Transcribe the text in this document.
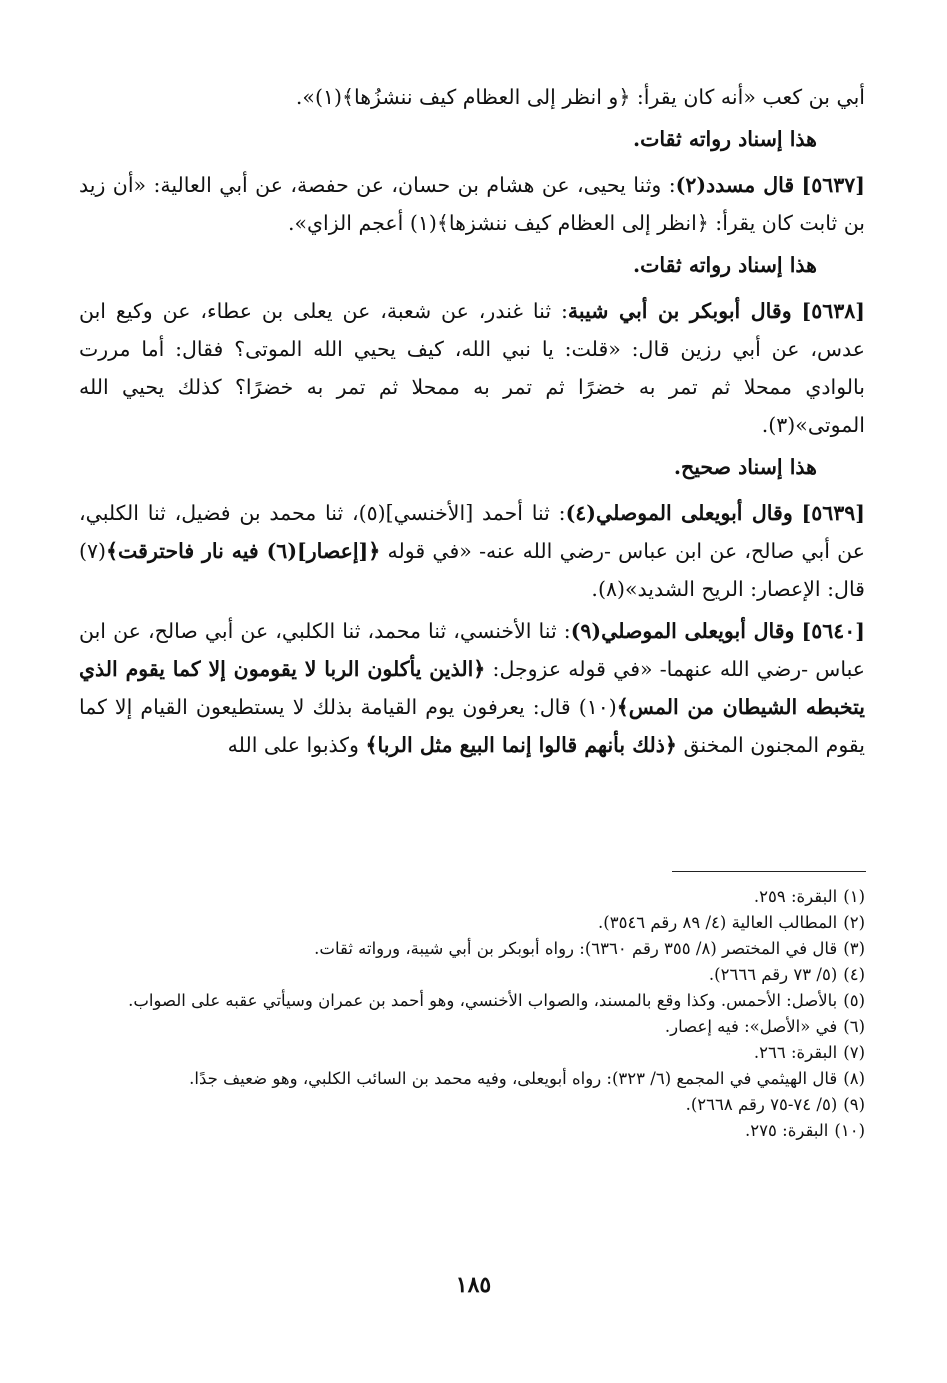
أبي بن كعب «أنه كان يقرأ: ﴿و انظر إلى العظام كيف ننشزُها﴾(١)».

هذا إسناد رواته ثقات.

[٥٦٣٧] قال مسدد(٢): وثنا يحيى، عن هشام بن حسان، عن حفصة، عن أبي العالية: «أن زيد بن ثابت كان يقرأ: ﴿انظر إلى العظام كيف ننشزها﴾(١) أعجم الزاي».

هذا إسناد رواته ثقات.

[٥٦٣٨] وقال أبوبكر بن أبي شيبة: ثنا غندر، عن شعبة، عن يعلى بن عطاء، عن وكيع ابن عدس، عن أبي رزين قال: «قلت: يا نبي الله، كيف يحيي الله الموتى؟ فقال: أما مررت بالوادي ممحلا ثم تمر به خضرًا ثم تمر به ممحلا ثم تمر به خضرًا؟ كذلك يحيي الله الموتى»(٣).

هذا إسناد صحيح.

[٥٦٣٩] وقال أبويعلى الموصلي(٤): ثنا أحمد [الأخنسي](٥)، ثنا محمد بن فضيل، ثنا الكلبي، عن أبي صالح، عن ابن عباس -رضي الله عنه- «في قوله ﴿[إعصار](٦) فيه نار فاحترقت﴾(٧) قال: الإعصار: الريح الشديد»(٨).

[٥٦٤٠] وقال أبويعلى الموصلي(٩): ثنا الأخنسي، ثنا محمد، ثنا الكلبي، عن أبي صالح، عن ابن عباس -رضي الله عنهما- «في قوله عزوجل: ﴿الذين يأكلون الربا لا يقومون إلا كما يقوم الذي يتخبطه الشيطان من المس﴾(١٠) قال: يعرفون يوم القيامة بذلك لا يستطيعون القيام إلا كما يقوم المجنون المخنق ﴿ذلك بأنهم قالوا إنما البيع مثل الربا﴾ وكذبوا على الله

(١)البقرة: ٢٥٩.

(٢)المطالب العالية (٤/ ٨٩ رقم ٣٥٤٦).

(٣)قال في المختصر (٨/ ٣٥٥ رقم ٦٣٦٠): رواه أبوبكر بن أبي شيبة، ورواته ثقات.

(٤)(٥/ ٧٣ رقم ٢٦٦٦).

(٥)بالأصل: الأحمس. وكذا وقع بالمسند، والصواب الأخنسي، وهو أحمد بن عمران وسيأتي عقبه على الصواب.

(٦)في «الأصل»: فيه إعصار.

(٧)البقرة: ٢٦٦.

(٨)قال الهيثمي في المجمع (٦/ ٣٢٣): رواه أبويعلى، وفيه محمد بن السائب الكلبي، وهو ضعيف جدًا.

(٩)(٥/ ٧٤-٧٥ رقم ٢٦٦٨).

(١٠)البقرة: ٢٧٥.

١٨٥
